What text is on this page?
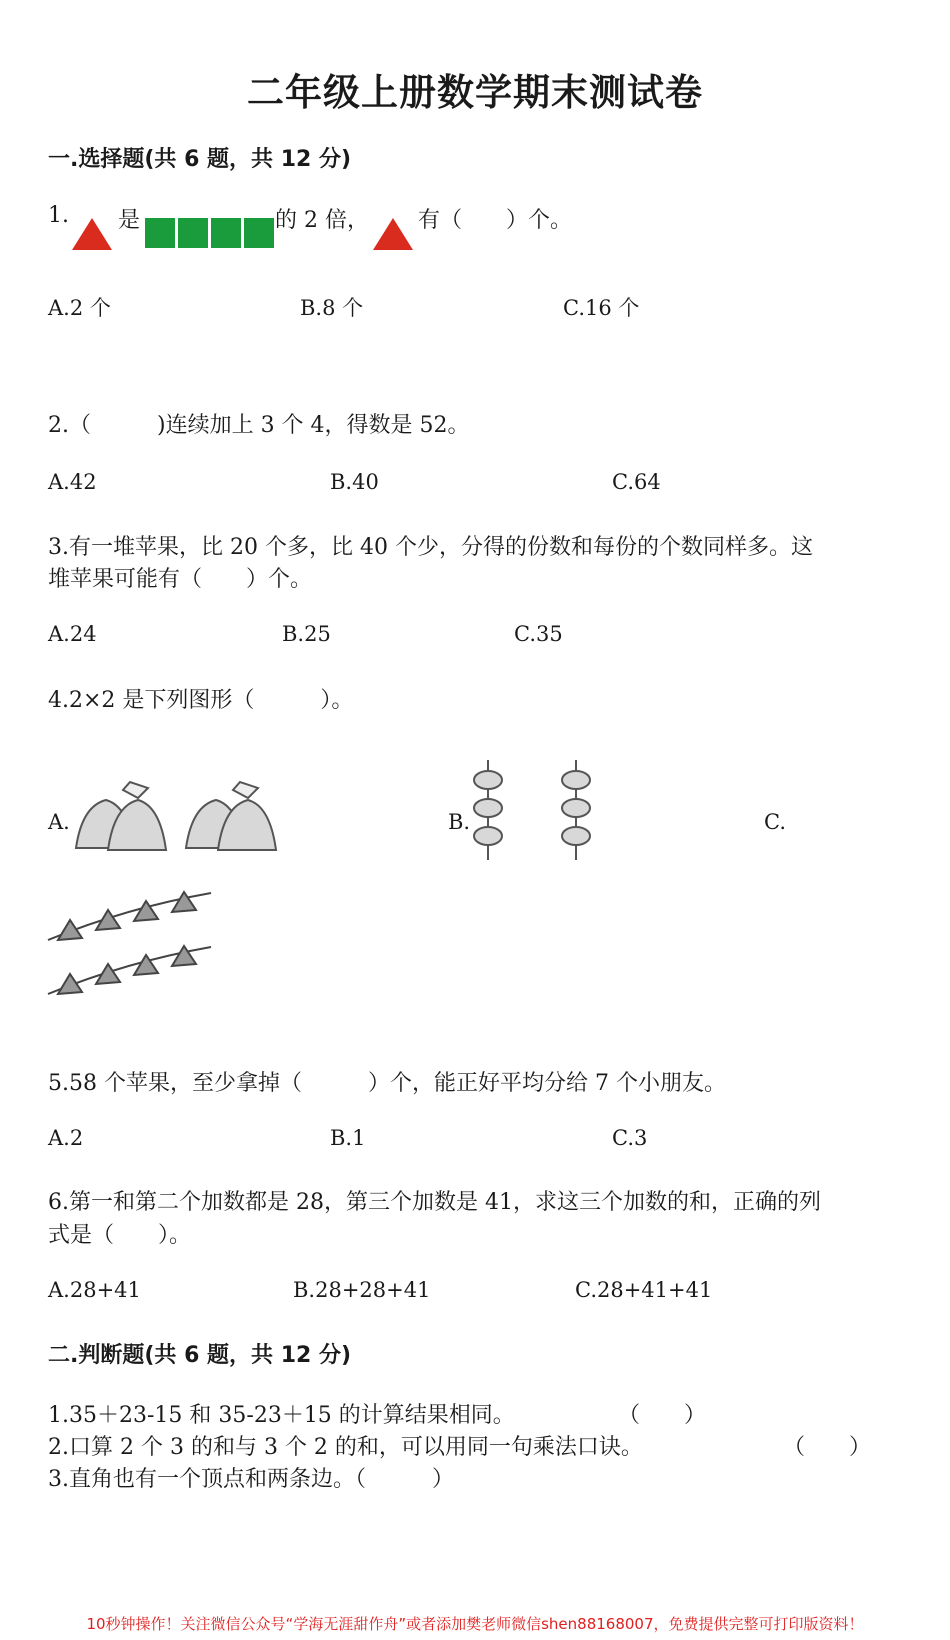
二年级上册数学期末测试卷
一.选择题(共 6 题，共 12 分)
1. 是	的 2 倍， 有（　　）个。
A.2 个	B.8 个	C.16 个
2.（　　　)连续加上 3 个 4，得数是 52。
A.42	B.40	C.64
3.有一堆苹果，比 20 个多，比 40 个少，分得的份数和每份的个数同样多。这
堆苹果可能有（　　）个。
A.24	B.25	C.35
4.2×2 是下列图形（　　　）。
A.	B.	C.
5.58 个苹果，至少拿掉（　　　）个，能正好平均分给 7 个小朋友。
A.2	B.1	C.3
6.第一和第二个加数都是 28，第三个加数是 41，求这三个加数的和，正确的列
式是（　　）。
A.28+41	B.28+28+41	C.28+41+41
二.判断题(共 6 题，共 12 分)
1.35＋23-15 和 35-23＋15 的计算结果相同。	（　　）
2.口算 2 个 3 的和与 3 个 2 的和，可以用同一句乘法口诀。	（　　）
3.直角也有一个顶点和两条边。（　　　）
10秒钟操作！关注微信公众号“学海无涯甜作舟”或者添加樊老师微信shen88168007，免费提供完整可打印版资料！
